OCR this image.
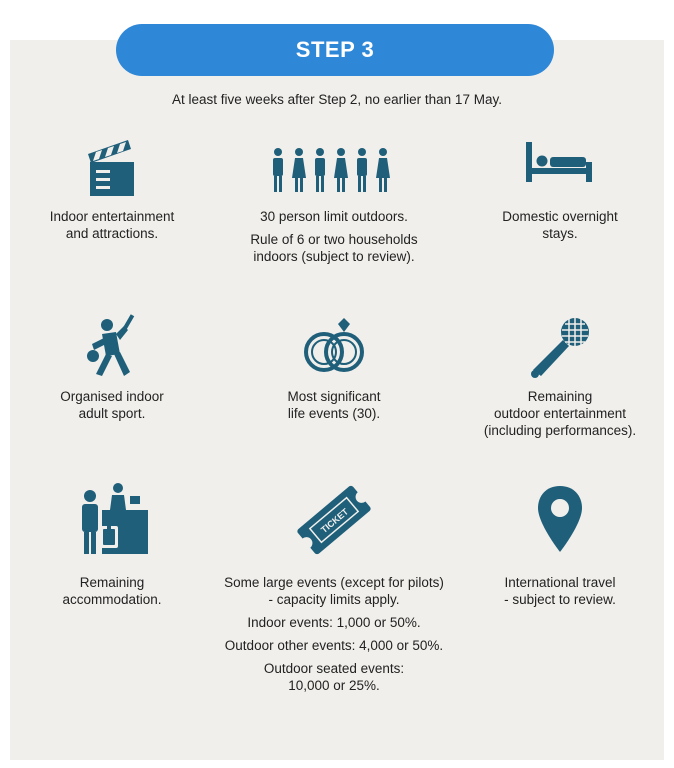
STEP 3
At least five weeks after Step 2, no earlier than 17 May.
Indoor entertainment
and attractions.
30 person limit outdoors.
Rule of 6 or two households
indoors (subject to review).
Domestic overnight
stays.
Organised indoor
adult sport.
Most significant
life events (30).
Remaining
outdoor entertainment
(including performances).
Remaining
accommodation.
TICKET
Some large events (except for pilots)
- capacity limits apply.
Indoor events: 1,000 or 50%.
Outdoor other events: 4,000 or 50%.
Outdoor seated events:
10,000 or 25%.
International travel
- subject to review.
